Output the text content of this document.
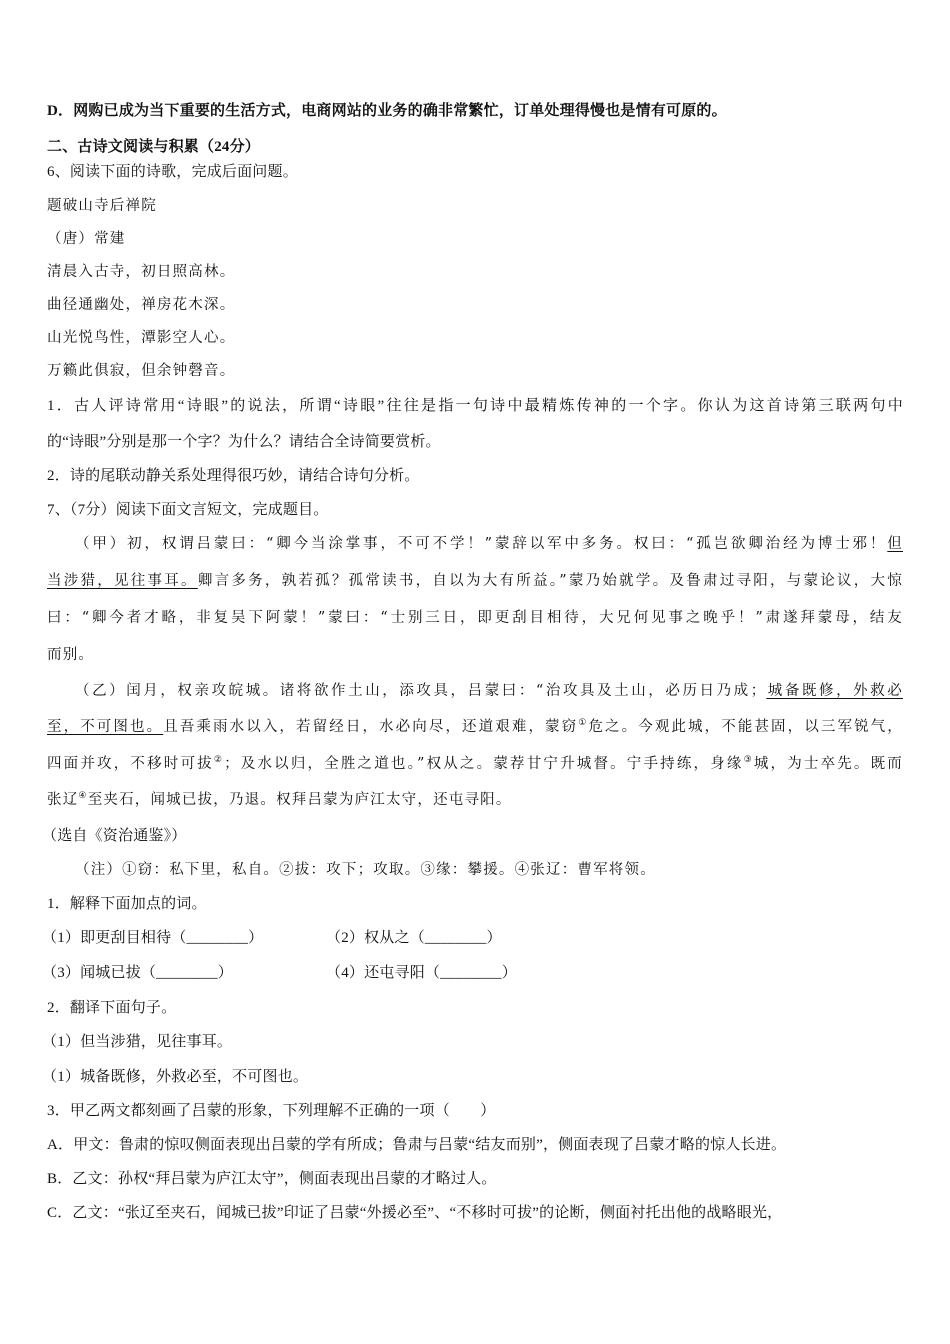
D．网购已成为当下重要的生活方式，电商网站的业务的确非常繁忙，订单处理得慢也是情有可原的。
二、古诗文阅读与积累（24分）
6、阅读下面的诗歌，完成后面问题。
题破山寺后禅院
（唐）常建
清晨入古寺，初日照高林。
曲径通幽处，禅房花木深。
山光悦鸟性，潭影空人心。
万籁此俱寂，但余钟磬音。
1．古人评诗常用“诗眼”的说法，所谓“诗眼”往往是指一句诗中最精炼传神的一个字。你认为这首诗第三联两句中
的“诗眼”分别是那一个字？为什么？请结合全诗简要赏析。
2．诗的尾联动静关系处理得很巧妙，请结合诗句分析。
7、（7分）阅读下面文言短文，完成题目。
（甲）初，权谓吕蒙曰：“卿今当涂掌事，不可不学！”蒙辞以军中多务。权曰：“孤岂欲卿治经为博士邪！但
当涉猎，见往事耳。卿言多务，孰若孤？孤常读书，自以为大有所益。”蒙乃始就学。及鲁肃过寻阳，与蒙论议，大惊
曰：“卿今者才略，非复吴下阿蒙！”蒙曰：“士别三日，即更刮目相待，大兄何见事之晚乎！”肃遂拜蒙母，结友
而别。
（乙）闰月，权亲攻皖城。诸将欲作土山，添攻具，吕蒙曰：“治攻具及土山，必历日乃成；城备既修，外救必
至，不可图也。且吾乘雨水以入，若留经日，水必向尽，还道艰难，蒙窃①危之。今观此城，不能甚固，以三军锐气，
四面并攻，不移时可拔②；及水以归，全胜之道也。”权从之。蒙荐甘宁升城督。宁手持练，身缘③城，为士卒先。既而
张辽④至夹石，闻城已拔，乃退。权拜吕蒙为庐江太守，还屯寻阳。
（选自《资治通鉴》）
（注）①窃：私下里，私自。②拔：攻下；攻取。③缘：攀援。④张辽：曹军将领。
1．解释下面加点的词。
（1）即更刮目相待（________）	（2）权从之（________）
（3）闻城已拔（________）	（4）还屯寻阳（________）
2．翻译下面句子。
（1）但当涉猎，见往事耳。
（1）城备既修，外救必至，不可图也。
3．甲乙两文都刻画了吕蒙的形象，下列理解不正确的一项（　　）
A．甲文：鲁肃的惊叹侧面表现出吕蒙的学有所成；鲁肃与吕蒙“结友而别”，侧面表现了吕蒙才略的惊人长进。
B．乙文：孙权“拜吕蒙为庐江太守”，侧面表现出吕蒙的才略过人。
C．乙文：“张辽至夹石，闻城已拔”印证了吕蒙“外援必至”、“不移时可拔”的论断，侧面衬托出他的战略眼光，
